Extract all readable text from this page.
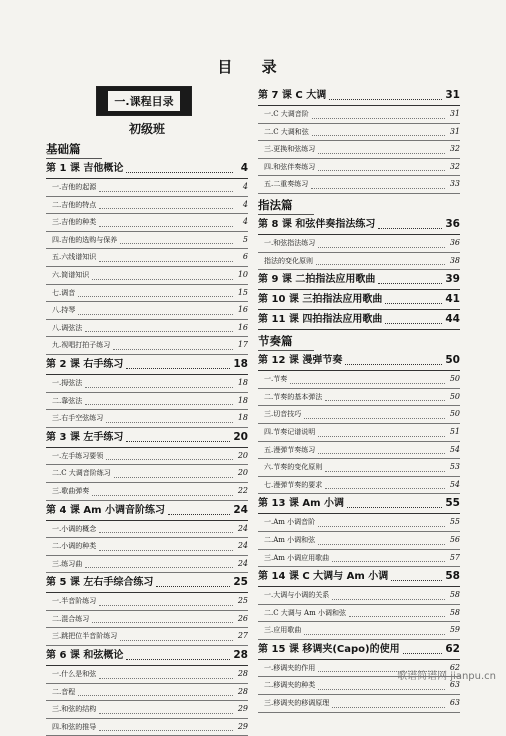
目 录
一.课程目录
初级班
基础篇
第 1 课 吉他概论	4
一.吉他的起源	4
二.吉他的特点	4
三.吉他的种类	4
四.吉他的选购与保养	5
五.六线谱知识	6
六.简谱知识	10
七.调音	15
八.持琴	16
八.调弦法	16
九.视唱打拍子练习	17
第 2 课 右手练习	18
一.拇弦法	18
二.靠弦法	18
三.右手空弦练习	18
第 3 课 左手练习	20
一.左手练习要领	20
二.C 大调音阶练习	20
三.歌曲弹奏	22
第 4 课 Am 小调音阶练习	24
一.小调的概念	24
二.小调的种类	24
三.练习曲	24
第 5 课 左右手综合练习	25
一.半音阶练习	25
二.混合练习	26
三.跳把位半音阶练习	27
第 6 课 和弦概论	28
一.什么是和弦	28
二.音程	28
三.和弦的结构	29
四.和弦的推导	29
第 7 课 C 大调	31
一.C 大调音阶	31
二.C 大调和弦	31
三.更换和弦练习	32
四.和弦伴奏练习	32
五.二重奏练习	33
指法篇
第 8 课 和弦伴奏指法练习	36
一.和弦指法练习	36
指法的变化原则	38
第 9 课 二拍指法应用歌曲	39
第 10 课 三拍指法应用歌曲	41
第 11 课 四拍指法应用歌曲	44
节奏篇
第 12 课 漫弹节奏	50
一.节奏	50
二.节奏的基本弹法	50
三.切音技巧	50
四.节奏记谱说明	51
五.漫弹节奏练习	54
六.节奏的变化原则	53
七.漫弹节奏的要求	54
第 13 课 Am 小调	55
一.Am 小调音阶	55
二.Am 小调和弦	56
三.Am 小调应用歌曲	57
第 14 课 C 大调与 Am 小调	58
一.大调与小调的关系	58
二.C 大调与 Am 小调和弦	58
三.应用歌曲	59
第 15 课 移调夹(Capo)的使用	62
一.移调夹的作用	62
二.移调夹的种类	63
三.移调夹的移调原理	63
歌谱简谱网 jianpu.cn
